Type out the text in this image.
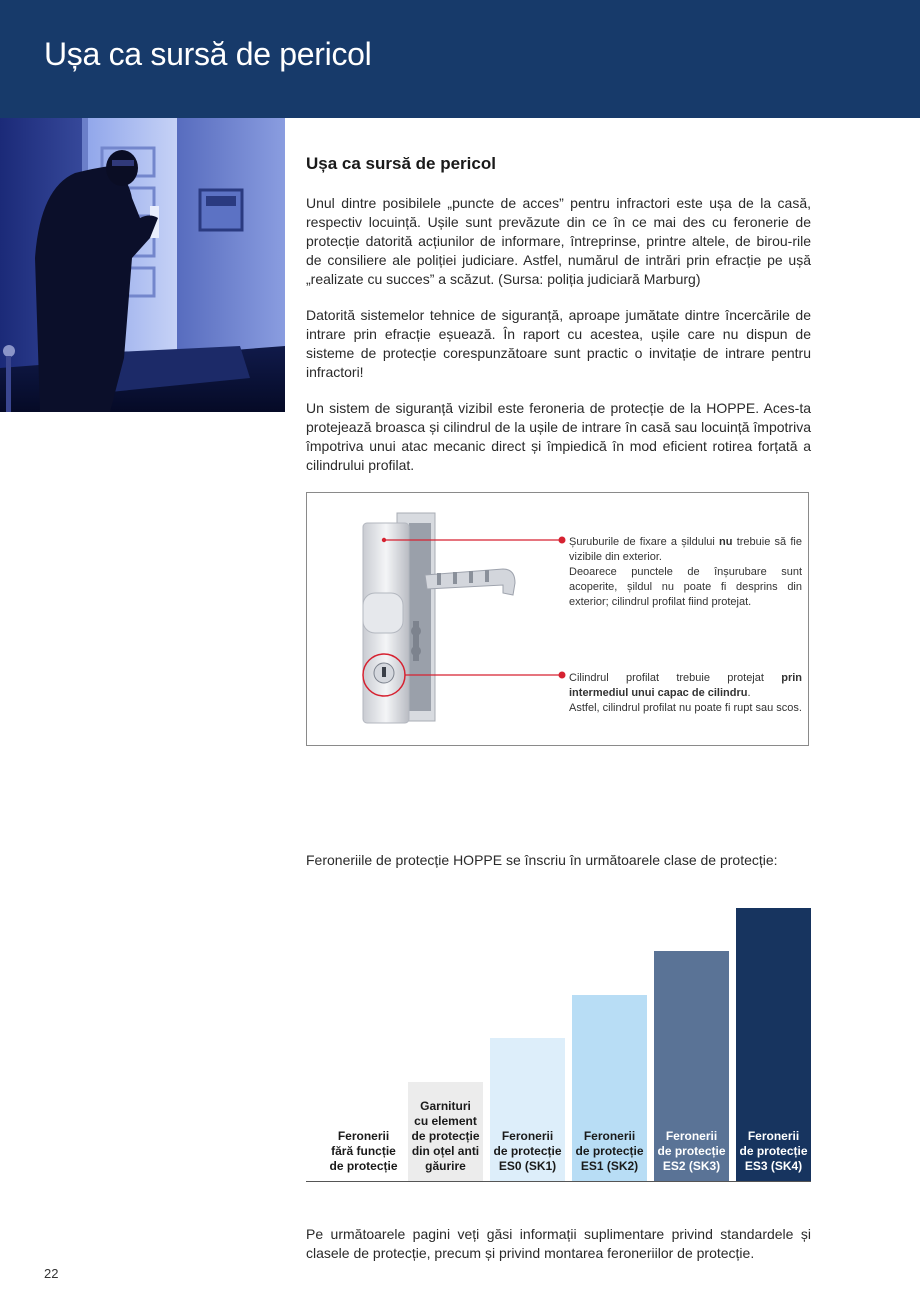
Ușa ca sursă de pericol
Ușa ca sursă de pericol
Unul dintre posibilele „puncte de acces” pentru infractori este ușa de la casă, respectiv locuință. Ușile sunt prevăzute din ce în ce mai des cu feronerie de protecție datorită acțiunilor de informare, întreprinse, printre altele, de birou-rile de consiliere ale poliției judiciare. Astfel, numărul de intrări prin efracție pe ușă „realizate cu succes” a scăzut. (Sursa: poliția judiciară Marburg)
Datorită sistemelor tehnice de siguranță, aproape jumătate dintre încercările de intrare prin efracție eșuează. În raport cu acestea, ușile care nu dispun de sisteme de protecție corespunzătoare sunt practic o invitație de intrare pentru infractori!
Un sistem de siguranță vizibil este feroneria de protecție de la HOPPE. Aces-ta protejează broasca și cilindrul de la ușile de intrare în casă sau locuință împotriva împotriva unui atac mecanic direct și împiedică în mod eficient rotirea forțată a cilindrului profilat.
Șuruburile de fixare a șildului nu trebuie să fie vizibile din exterior.
Deoarece punctele de înșurubare sunt acoperite, șildul nu poate fi desprins din exterior; cilindrul profilat fiind protejat.
Cilindrul profilat trebuie protejat prin intermediul unui capac de cilindru.
Astfel, cilindrul profilat nu poate fi rupt sau scos.
Feroneriile de protecție HOPPE se înscriu în următoarele clase de protecție:
Feronerii
fără funcție
de protecție
Garnituri
cu element
de protecție
din oțel anti
găurire
Feronerii
de protecție
ES0 (SK1)
Feronerii
de protecție
ES1 (SK2)
Feronerii
de protecție
ES2 (SK3)
Feronerii
de protecție
ES3 (SK4)
Pe următoarele pagini veți găsi informații suplimentare privind standardele și clasele de protecție, precum și privind montarea feroneriilor de protecție.
22
